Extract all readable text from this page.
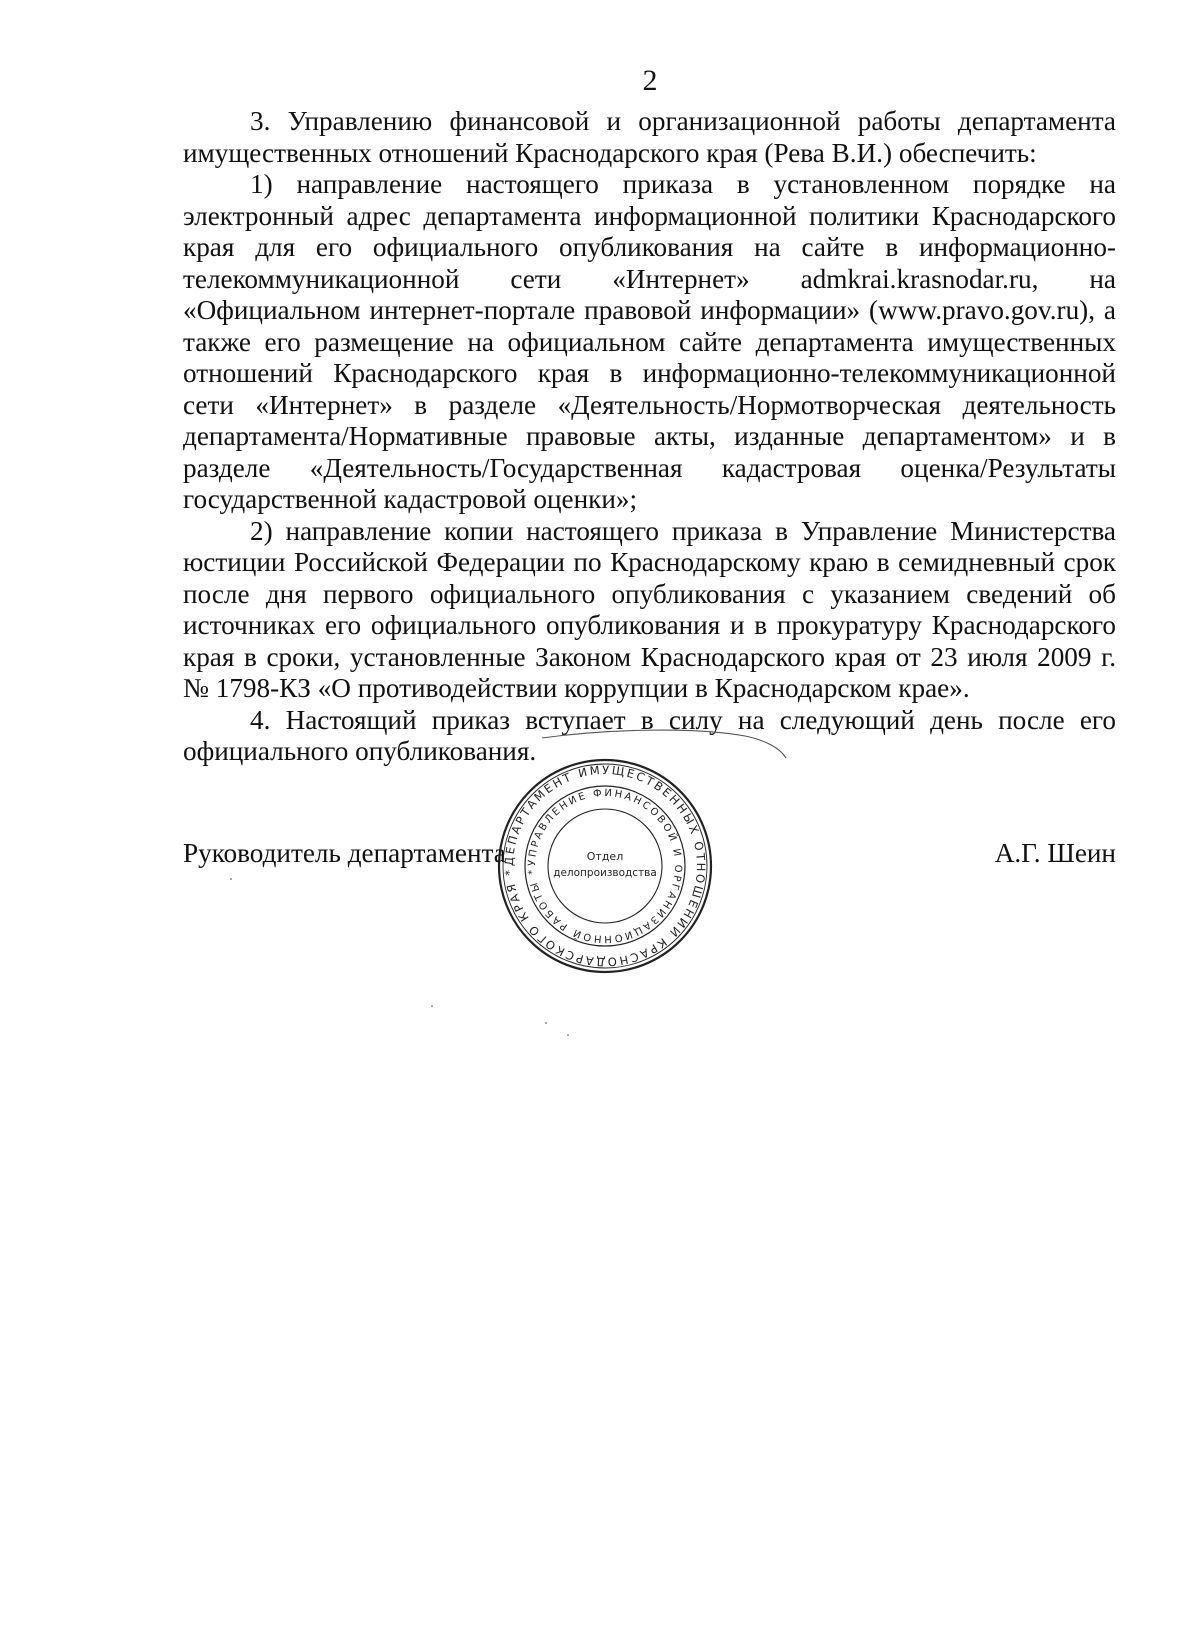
2

3. Управлению финансовой и организационной работы департамента имущественных отношений Краснодарского края (Рева В.И.) обеспечить:

1) направление настоящего приказа в установленном порядке на электронный адрес департамента информационной политики Краснодарского края для его официального опубликования на сайте в информационно-телекоммуникационной сети «Интернет» admkrai.krasnodar.ru, на «Официальном интернет-портале правовой информации» (www.pravo.gov.ru), а также его размещение на официальном сайте департамента имущественных отношений Краснодарского края в информационно-телекоммуникационной сети «Интернет» в разделе «Деятельность/Нормотворческая деятельность департамента/Нормативные правовые акты, изданные департаментом» и в разделе «Деятельность/Государственная кадастровая оценка/Результаты государственной кадастровой оценки»;

2) направление копии настоящего приказа в Управление Министерства юстиции Российской Федерации по Краснодарскому краю в семидневный срок после дня первого официального опубликования с указанием сведений об источниках его официального опубликования и в прокуратуру Краснодарского края в сроки, установленные Законом Краснодарского края от 23 июля 2009 г. № 1798-КЗ «О противодействии коррупции в Краснодарском крае».

4. Настоящий приказ вступает в силу на следующий день после его официального опубликования.

Руководитель департамента	А.Г. Шеин
ДЕПАРТАМЕНТ ИМУЩЕСТВЕННЫХ ОТНОШЕНИЙ КРАСНОДАРСКОГО КРАЯ *
УПРАВЛЕНИЕ ФИНАНСОВОЙ И ОРГАНИЗАЦИОННОЙ РАБОТЫ *
Отдел
делопроизводства
